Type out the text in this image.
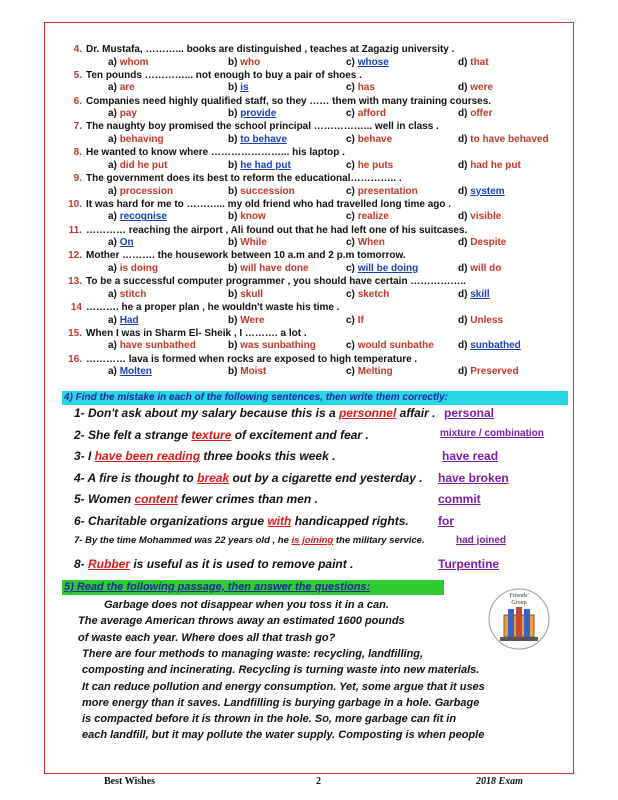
4. Dr. Mustafa, ………... books are distinguished , teaches at Zagazig university .
a) whom	b) who	c) whose	d) that
5. Ten pounds …………... not enough to buy a pair of shoes .
a) are	b) is	c) has	d) were
6. Companies need highly qualified staff, so they …… them with many training courses.
a) pay	b) provide	c) afford	d) offer
7. The naughty boy promised the school principal ……………... well in class .
a) behaving	b) to behave	c) behave	d) to have behaved
8. He wanted to know where …………………... his laptop .
a) did he put	b) he had put	c) he puts	d) had he put
9. The government does its best to reform the educational………….. .
a) procession	b) succession	c) presentation	d) system
10. It was hard for me to ………... my old friend who had travelled long time ago .
a) recognise	b) know	c) realize	d) visible
11. ………… reaching the airport , Ali found out that he had left one of his suitcases.
a) On	b) While	c) When	d) Despite
12. Mother ………. the housework between 10 a.m and 2 p.m tomorrow.
a) is doing	b) will have done	c) will be doing	d) will do
13. To be a successful computer programmer , you should have certain ……………..
a) stitch	b) skull	c) sketch	d) skill
14 ………. he a proper plan , he wouldn't waste his time .
a) Had	b) Were	c) If	d) Unless
15. When I was in Sharm El- Sheik , I ………. a lot .
a) have sunbathed	b) was sunbathing	c) would sunbathe d) sunbathed
16. ………… lava is formed when rocks are exposed to high temperature .
a) Molten	b) Moist	c) Melting	d) Preserved
4) Find the mistake in each of the following sentences, then write them correctly:
1- Don't ask about my salary because this is a personnel affair . personal
2- She felt a strange texture of excitement and fear .	mixture / combination
3- I have been reading three books this week .	have read
4- A fire is thought to break out by a cigarette end yesterday . have broken
5- Women content fewer crimes than men .	commit
6- Charitable organizations argue with handicapped rights. for
7- By the time Mohammed was 22 years old , he is joining the military service.	had joined
8- Rubber is useful as it is used to remove paint .	Turpentine
5) Read the following passage, then answer the questions:
Garbage does not disappear when you toss it in a can.
The average American throws away an estimated 1600 pounds
of waste each year. Where does all that trash go?
There are four methods to managing waste: recycling, landfilling,
composting and incinerating. Recycling is turning waste into new materials.
It can reduce pollution and energy consumption. Yet, some argue that it uses
more energy than it saves. Landfilling is burying garbage in a hole. Garbage
is compacted before it is thrown in the hole. So, more garbage can fit in
each landfill, but it may pollute the water supply. Composting is when people
Friends'
Group
Best Wishes	2	2018 Exam
